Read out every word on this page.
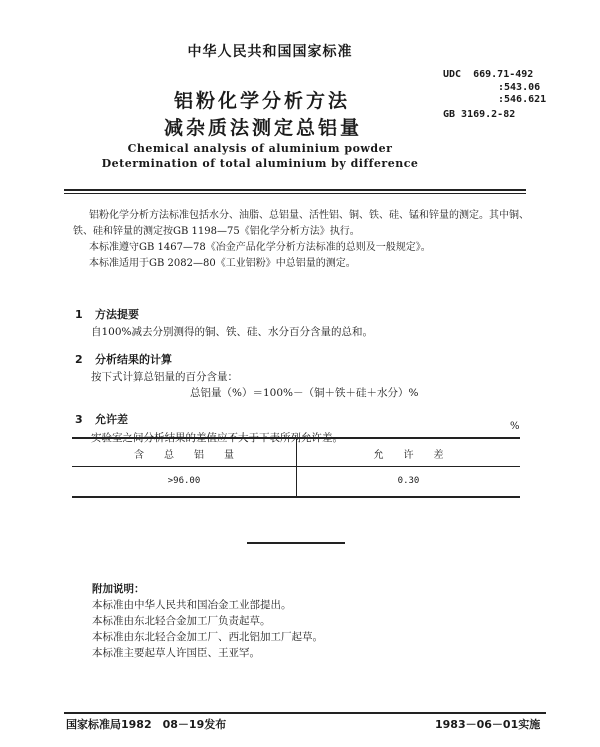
中华人民共和国国家标准
铝粉化学分析方法
减杂质法测定总铝量
Chemical analysis of aluminium powder
Determination of total aluminium by difference
UDC 669.71-492
:543.06
:546.621
GB 3169.2-82
铝粉化学分析方法标准包括水分、油脂、总铝量、活性铝、铜、铁、硅、锰和锌量的测定。其中铜、
铁、硅和锌量的测定按GB 1198—75《铝化学分析方法》执行。
本标准遵守GB 1467—78《冶金产品化学分析方法标准的总则及一般规定》。
本标准适用于GB 2082—80《工业铝粉》中总铝量的测定。
1 方法提要
自100%减去分别测得的铜、铁、硅、水分百分含量的总和。
2 分析结果的计算
按下式计算总铝量的百分含量：
总铝量（%）＝100%－（铜＋铁＋硅＋水分）%
3 允许差
%
含　　总　　铝　　量	允　　许　　差
>96.00	0.30
附加说明：
本标准由中华人民共和国冶金工业部提出。
本标准由东北轻合金加工厂负责起草。
本标准由东北轻合金加工厂、西北铝加工厂起草。
本标准主要起草人许国臣、王亚罕。
国家标准局1982　08－19发布	1983－06－01实施
